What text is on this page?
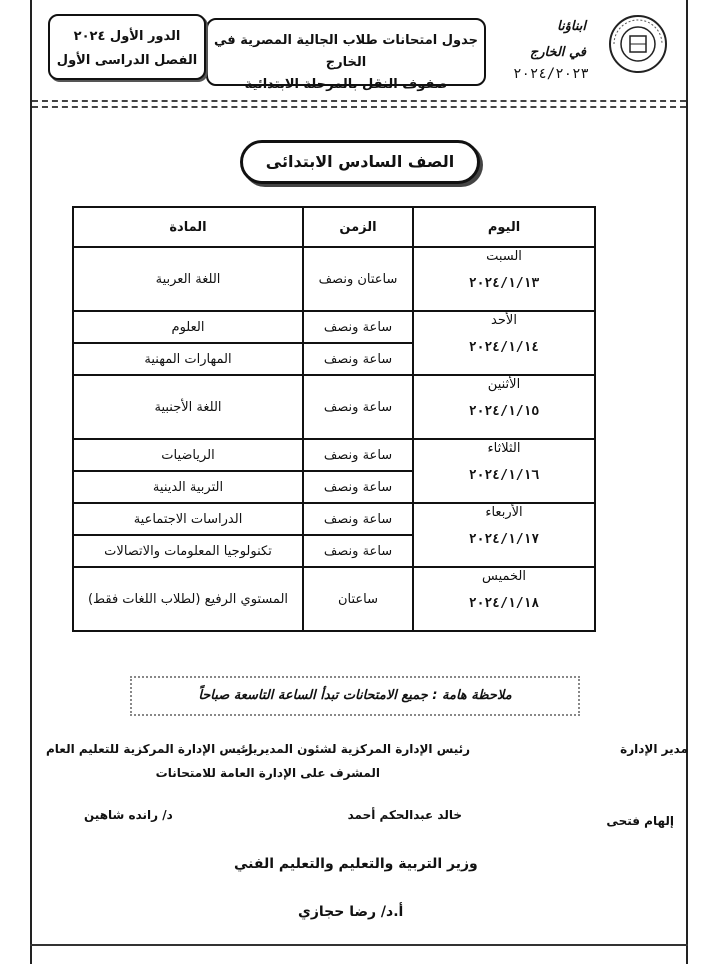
ابناؤنا
في الخارج
٢٠٢٤/٢٠٢٣
جدول امتحانات طلاب الجالية المصرية في الخارج
صفوف النقل بالمرحلة الابتدائية
الدور الأول ٢٠٢٤
الفصل الدراسى الأول
الصف السادس الابتدائى
اليوم	الزمن	المادة

السبت
٢٠٢٤/١/١٣	ساعتان ونصف	اللغة العربية

الأحد
٢٠٢٤/١/١٤	ساعة ونصف	العلوم
	ساعة ونصف	المهارات المهنية

الأثنين
٢٠٢٤/١/١٥	ساعة ونصف	اللغة الأجنبية

الثلاثاء
٢٠٢٤/١/١٦	ساعة ونصف	الرياضيات
	ساعة ونصف	التربية الدينية

الأربعاء
٢٠٢٤/١/١٧	ساعة ونصف	الدراسات الاجتماعية
	ساعة ونصف	تكنولوجيا المعلومات والاتصالات

الخميس
٢٠٢٤/١/١٨	ساعتان	المستوي الرفيع (لطلاب اللغات فقط)
ملاحظة هامة : جميع الامتحانات تبدأ الساعة التاسعة صباحاً
مدير الإدارة
رئيس الإدارة المركزية لشئون المديريات
المشرف على الإدارة العامة للامتحانات
رئيس الإدارة المركزية للتعليم العام
إلهام فتحى
خالد عبدالحكم أحمد
د/ رانده شاهين
وزير التربية والتعليم والتعليم الفني
أ.د/ رضا حجازي
